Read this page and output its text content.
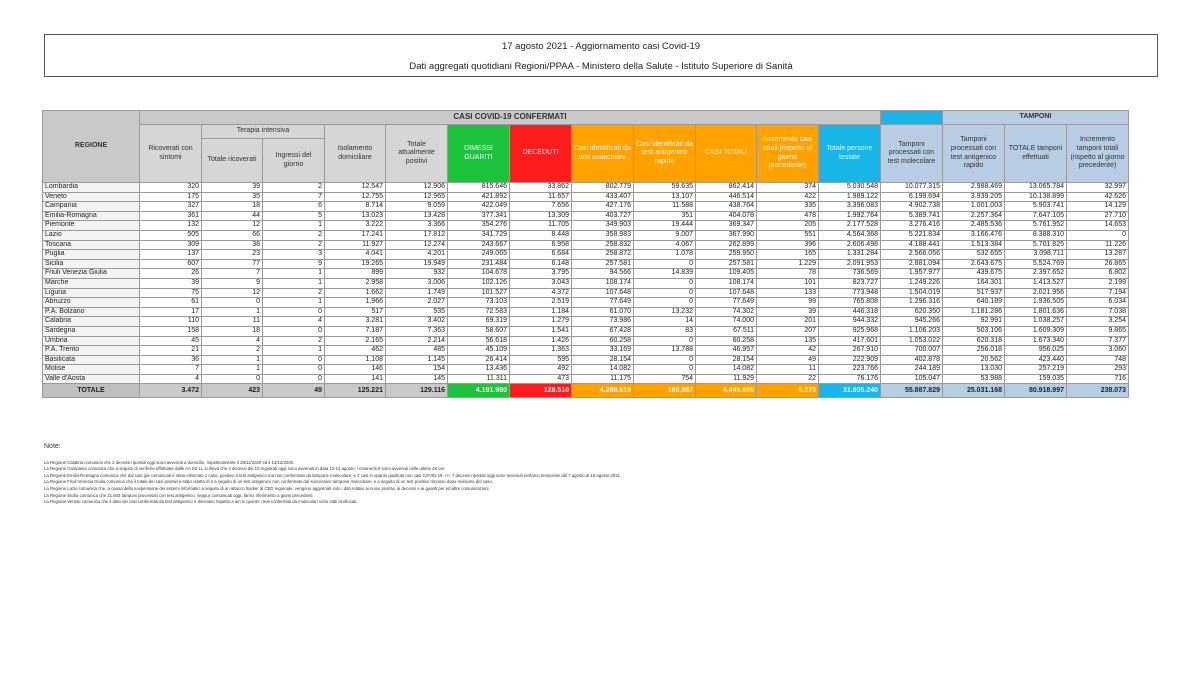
17 agosto 2021 - Aggiornamento casi Covid-19
Dati aggregati quotidiani Regioni/PPAA - Ministero della Salute - Istituto Superiore di Sanità
REGIONE	CASI COVID-19 CONFERMATI													TAMPONI		
	Ricoverati con sintomi	Terapia intensiva		Isolamento domiciliare	Totale attualmente positivi	DIMESSI GUARITI	DECEDUTI	Casi identificati da test molecolare	Casi identificati da test antigenico rapido	CASI TOTALI	Incremento casi totali (rispetto al giorno precedente)	Totale persone testate	Tamponi processati con test molecolare	Tamponi processati con test antigenico rapido	TOTALE tamponi effettuati	Incremento tamponi totali (rispetto al giorno precedente)
		Totale ricoverati	Ingressi del giorno													
Lombardia	320	39	2	12.547	12.906	815.646	33.862	802.779	59.635	862.414	374	5.030.548	10.077.315	2.988.469	13.065.784	32.997
Veneto	175	35	7	12.755	12.965	421.892	11.657	433.407	13.107	446.514	422	1.989.122	6.199.694	3.939.205	10.138.899	42.626
Campania	327	18	6	8.714	9.059	422.049	7.656	427.176	11.588	438.764	335	3.396.083	4.902.738	1.001.003	5.903.741	14.129
Emilia-Romagna	361	44	5	13.023	13.428	377.341	13.309	403.727	351	404.078	478	1.992.764	5.389.741	2.257.364	7.647.105	27.710
Piemonte	132	12	1	3.222	3.366	354.276	11.705	349.903	19.444	369.347	205	2.177.528	3.276.416	2.485.536	5.761.952	14.653
Lazio	505	66	2	17.241	17.812	341.729	8.448	358.983	9.007	367.990	551	4.564.368	5.221.834	3.166.476	8.388.310	0
Toscana	309	38	2	11.927	12.274	243.667	6.958	258.832	4.067	262.899	396	2.606.498	4.188.441	1.513.384	5.701.825	11.226
Puglia	137	23	3	4.041	4.201	249.065	6.684	258.872	1.078	259.950	165	1.331.284	2.566.056	532.655	3.098.711	13.287
Sicilia	607	77	9	19.265	19.949	231.484	6.148	257.581	0	257.581	1.229	2.091.953	2.881.094	2.643.675	5.524.769	26.865
Friuli Venezia Giulia	26	7	1	899	932	104.678	3.795	94.566	14.839	109.405	78	736.569	1.957.977	439.675	2.397.652	6.802
Marche	39	9	1	2.958	3.006	102.126	3.043	108.174	0	108.174	101	823.727	1.249.226	164.301	1.413.527	2.199
Liguria	75	12	2	1.662	1.749	101.527	4.372	107.648	0	107.648	133	773.948	1.504.019	517.937	2.021.956	7.194
Abruzzo	61	0	1	1.966	2.027	73.103	2.519	77.649	0	77.649	99	765.808	1.296.316	640.189	1.936.505	6.034
P.A. Bolzano	17	1	0	517	535	72.583	1.184	61.070	13.232	74.302	39	446.318	620.350	1.181.286	1.801.636	7.038
Calabria	110	11	4	3.281	3.402	69.319	1.279	73.986	14	74.000	201	944.332	945.266	92.991	1.038.257	3.254
Sardegna	158	18	0	7.187	7.363	58.607	1.541	67.428	83	67.511	207	925.968	1.106.203	503.106	1.609.309	9.865
Umbria	45	4	2	2.165	2.214	56.618	1.426	60.258	0	60.258	135	417.601	1.053.022	620.318	1.673.340	7.377
P.A. Trento	21	2	1	462	485	45.109	1.363	33.169	13.788	46.957	42	267.910	700.007	256.018	956.025	3.060
Basilicata	36	1	0	1.108	1.145	26.414	595	28.154	0	28.154	49	222.909	402.878	20.562	423.440	748
Molise	7	1	0	146	154	13.436	492	14.082	0	14.082	11	223.766	244.189	13.030	257.219	293
Valle d'Aosta	4	0	0	141	145	11.311	473	11.175	754	11.929	22	76.176	105.047	53.988	159.035	716
TOTALE	3.472	423	49	125.221	129.116	4.191.980	128.510	4.288.619	160.987	4.449.606	5.273	31.805.240	55.887.829	25.031.168	80.918.997	238.073
Note:
La Regione Calabria comunica che 2 decessi riportati oggi sono avvenuti a domicilio, rispettivamente il 28/11/2020 ed il 14/12/2020.
La Regione Campania comunica che a seguito di verifiche effettuate dalle AA SS LL si rileva che 4 decessi dei 10 registrati oggi sono avvenuti in data 12-14 agosto; i rimanenti 6 sono avvenuti nelle ultime 48 ore.
La Regione Emilia-Romagna comunica che dai casi già comunicati è stato eliminato 1 caso, positivo a test antigenico ma non confermato da tampone molecolare, e 2 casi in quanto giudicati non casi COVID-19. I n. 7 decessi riportati oggi sono avvenuti nell'arco temporale dal 7 agosto al 15 agosto 2021.
La Regione Friuli Venezia Giulia comunica che il totale dei casi positivi è stato ridotto di 2 a seguito di un test antigenico non confermato dal successivo tampone molecolare, e a seguito di un test positivo rimosso dopo revisione del caso.
La Regione Lazio comunica che, a causa della sospensione dei sistemi informatici a seguito di un attacco hacker al CED regionale, vengono aggiornati solo i dati relativi ai nuovi positivi, ai decessi e ai guariti per ed altre comunicazioni.
La Regione Sicilia comunica che 21.603 tamponi processati con test antigenico, seppur comunicati oggi, fanno riferimento a giorni precedenti.
La Regione Veneto comunica che il dato dei casi confermati da test antigenico è diminuito rispetto a ieri in quanto i test confermati da molecolari sono stati ricollocati.
